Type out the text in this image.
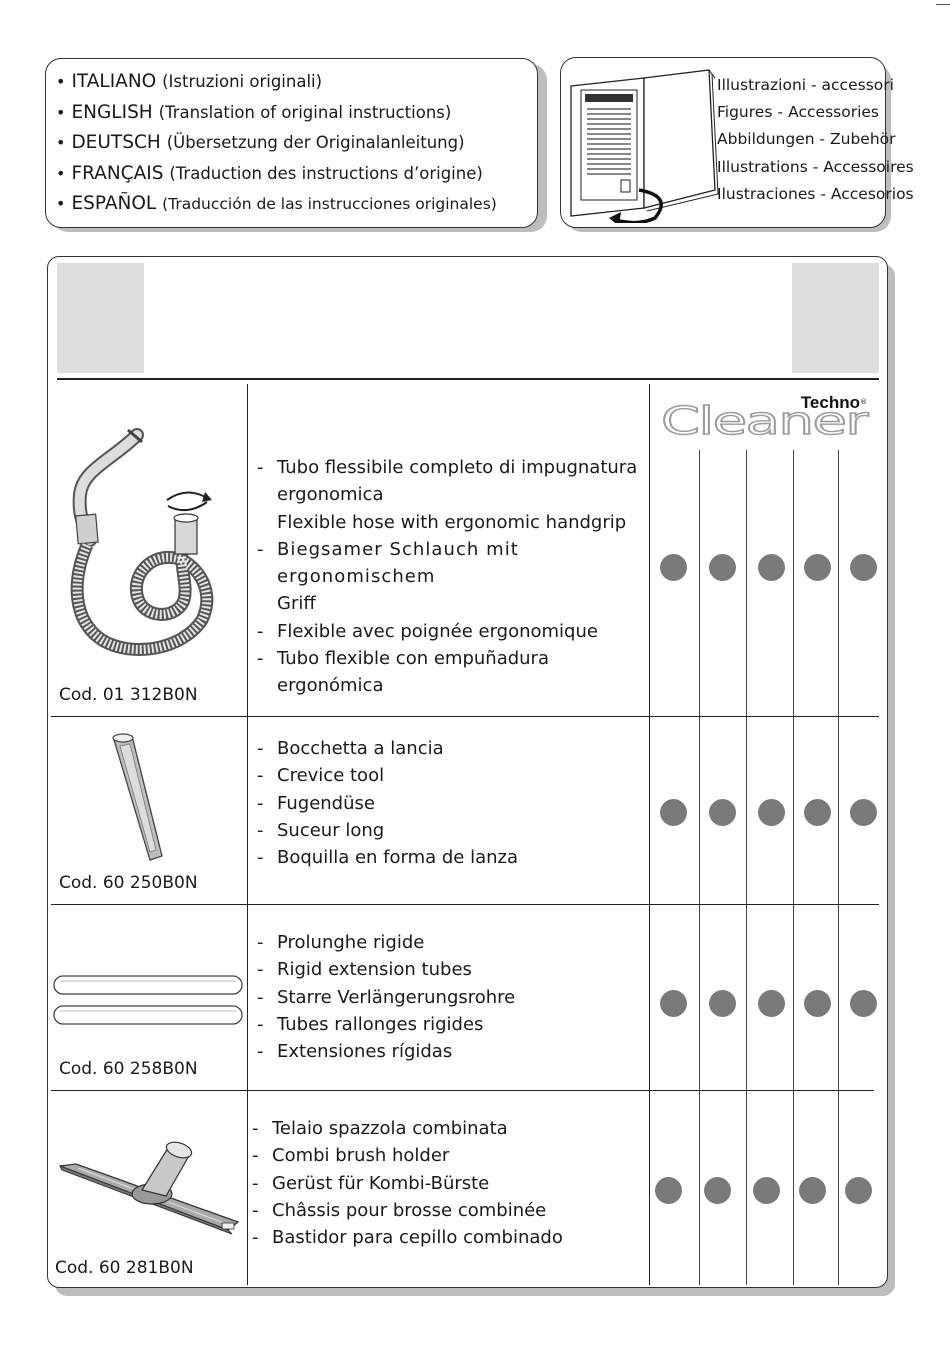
• ITALIANO (Istruzioni originali)
• ENGLISH (Translation of original instructions)
• DEUTSCH (Übersetzung der Originalanleitung)
• FRANÇAIS (Traduction des instructions d’origine)
• ESPAÑOL (Traducción de las instrucciones originales)
Illustrazioni - accessori
Figures - Accessories
Abbildungen - Zubehör
Illustrations - Accessoires
Ilustraciones - Accesorios
Techno ®
Cleaner
Cod. 01 312B0N
- Tubo flessibile completo di impugnatura
ergonomica
Flexible hose with ergonomic handgrip
- Biegsamer Schlauch mit ergonomischem
Griff
- Flexible avec poignée ergonomique
- Tubo flexible con empuñadura ergonómica
Cod. 60 250B0N
- Bocchetta a lancia
- Crevice tool
- Fugendüse
- Suceur long
- Boquilla en forma de lanza
Cod. 60 258B0N
- Prolunghe rigide
- Rigid extension tubes
- Starre Verlängerungsrohre
- Tubes rallonges rigides
- Extensiones rígidas
Cod. 60 281B0N
- Telaio spazzola combinata
- Combi brush holder
- Gerüst für Kombi-Bürste
- Châssis pour brosse combinée
- Bastidor para cepillo combinado
